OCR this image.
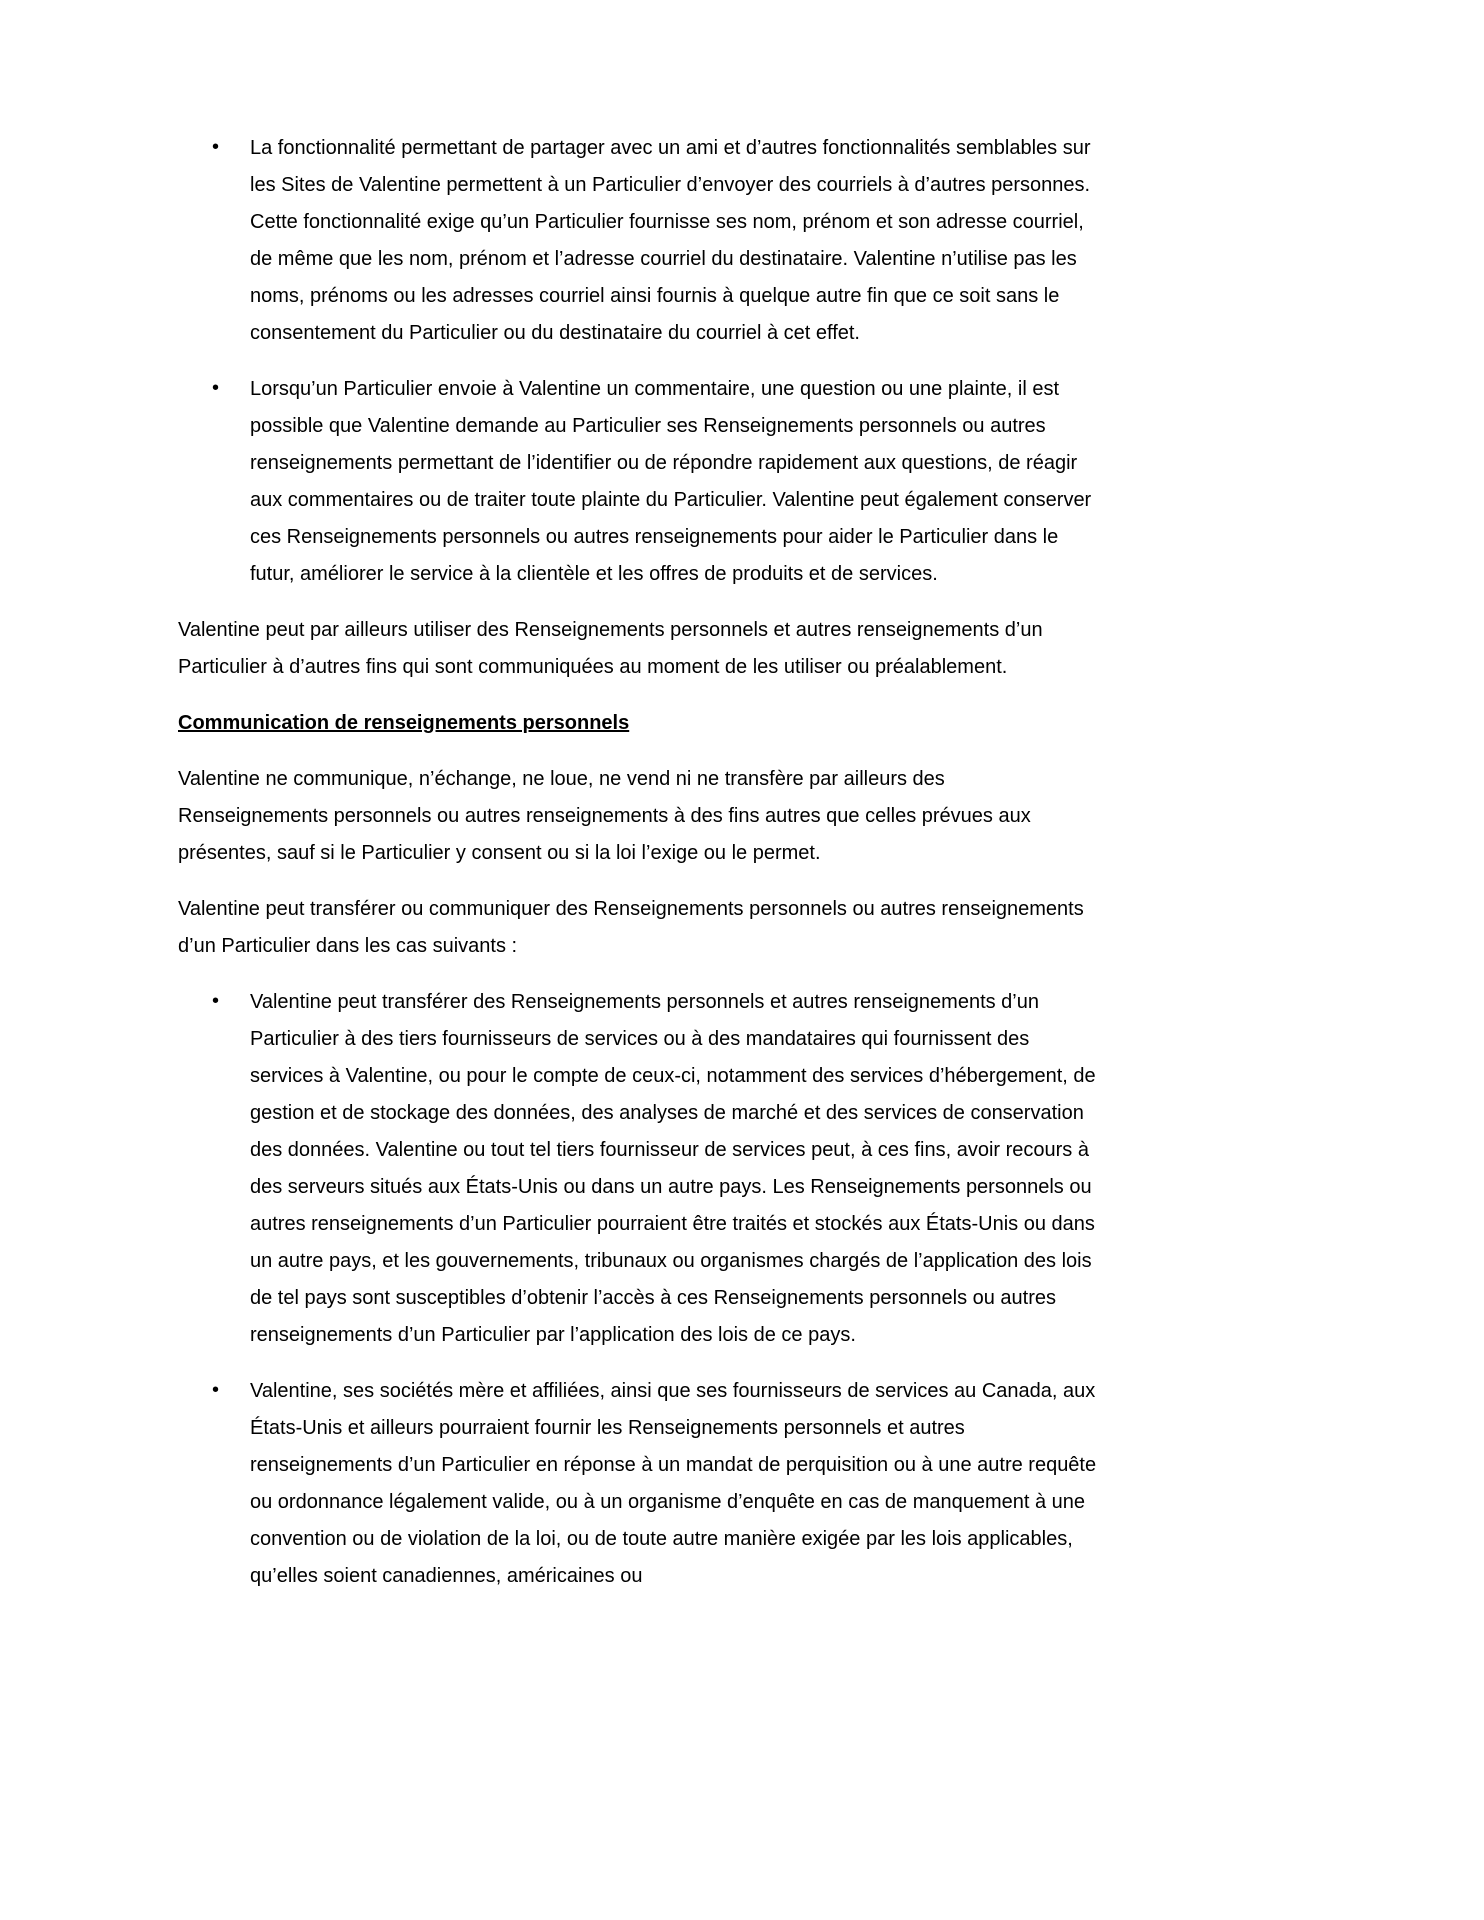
• La fonctionnalité permettant de partager avec un ami et d’autres fonctionnalités semblables sur les Sites de Valentine permettent à un Particulier d’envoyer des courriels à d’autres personnes. Cette fonctionnalité exige qu’un Particulier fournisse ses nom, prénom et son adresse courriel, de même que les nom, prénom et l’adresse courriel du destinataire. Valentine n’utilise pas les noms, prénoms ou les adresses courriel ainsi fournis à quelque autre fin que ce soit sans le consentement du Particulier ou du destinataire du courriel à cet effet.
• Lorsqu’un Particulier envoie à Valentine un commentaire, une question ou une plainte, il est possible que Valentine demande au Particulier ses Renseignements personnels ou autres renseignements permettant de l’identifier ou de répondre rapidement aux questions, de réagir aux commentaires ou de traiter toute plainte du Particulier. Valentine peut également conserver ces Renseignements personnels ou autres renseignements pour aider le Particulier dans le futur, améliorer le service à la clientèle et les offres de produits et de services.

Valentine peut par ailleurs utiliser des Renseignements personnels et autres renseignements d’un Particulier à d’autres fins qui sont communiquées au moment de les utiliser ou préalablement.

Communication de renseignements personnels

Valentine ne communique, n’échange, ne loue, ne vend ni ne transfère par ailleurs des Renseignements personnels ou autres renseignements à des fins autres que celles prévues aux présentes, sauf si le Particulier y consent ou si la loi l’exige ou le permet.

Valentine peut transférer ou communiquer des Renseignements personnels ou autres renseignements d’un Particulier dans les cas suivants :

• Valentine peut transférer des Renseignements personnels et autres renseignements d’un Particulier à des tiers fournisseurs de services ou à des mandataires qui fournissent des services à Valentine, ou pour le compte de ceux-ci, notamment des services d’hébergement, de gestion et de stockage des données, des analyses de marché et des services de conservation des données. Valentine ou tout tel tiers fournisseur de services peut, à ces fins, avoir recours à des serveurs situés aux États-Unis ou dans un autre pays. Les Renseignements personnels ou autres renseignements d’un Particulier pourraient être traités et stockés aux États-Unis ou dans un autre pays, et les gouvernements, tribunaux ou organismes chargés de l’application des lois de tel pays sont susceptibles d’obtenir l’accès à ces Renseignements personnels ou autres renseignements d’un Particulier par l’application des lois de ce pays.
• Valentine, ses sociétés mère et affiliées, ainsi que ses fournisseurs de services au Canada, aux États-Unis et ailleurs pourraient fournir les Renseignements personnels et autres renseignements d’un Particulier en réponse à un mandat de perquisition ou à une autre requête ou ordonnance légalement valide, ou à un organisme d’enquête en cas de manquement à une convention ou de violation de la loi, ou de toute autre manière exigée par les lois applicables, qu’elles soient canadiennes, américaines ou
